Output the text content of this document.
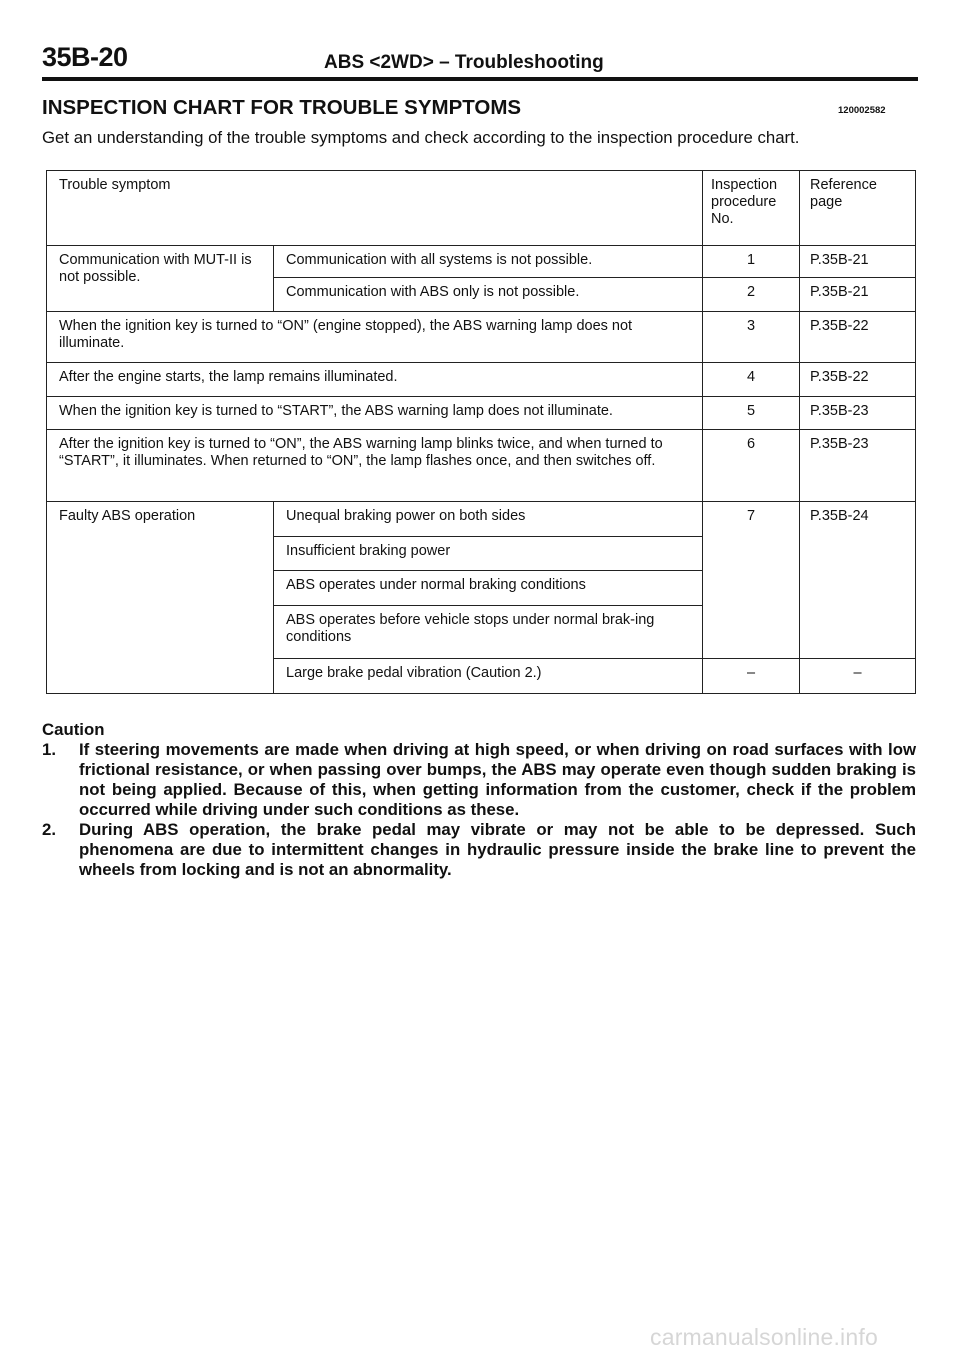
35B-20	ABS <2WD> – Troubleshooting
INSPECTION CHART FOR TROUBLE SYMPTOMS	120002582
Get an understanding of the trouble symptoms and check according to the inspection procedure chart.
Trouble symptom		Inspection procedure No.	Reference page
Communication with MUT-II is not possible.	Communication with all systems is not possible.	1	P.35B-21
	Communication with ABS only is not possible.	2	P.35B-21
When the ignition key is turned to “ON” (engine stopped), the ABS warning lamp does not illuminate.		3	P.35B-22
After the engine starts, the lamp remains illuminated.		4	P.35B-22
When the ignition key is turned to “START”, the ABS warning lamp does not illuminate.		5	P.35B-23
After the ignition key is turned to “ON”, the ABS warning lamp blinks twice, and when turned to “START”, it illuminates. When returned to “ON”, the lamp flashes once, and then switches off.		6	P.35B-23
Faulty ABS operation	Unequal braking power on both sides	7	P.35B-24
	Insufficient braking power		
	ABS operates under normal braking conditions		
	ABS operates before vehicle stops under normal brak-ing conditions		
	Large brake pedal vibration (Caution 2.)	–	–
Caution
1. If steering movements are made when driving at high speed, or when driving on road surfaces with low frictional resistance, or when passing over bumps, the ABS may operate even though sudden braking is not being applied. Because of this, when getting information from the customer, check if the problem occurred while driving under such conditions as these.
2. During ABS operation, the brake pedal may vibrate or may not be able to be depressed. Such phenomena are due to intermittent changes in hydraulic pressure inside the brake line to prevent the wheels from locking and is not an abnormality.
carmanualsonline.info
